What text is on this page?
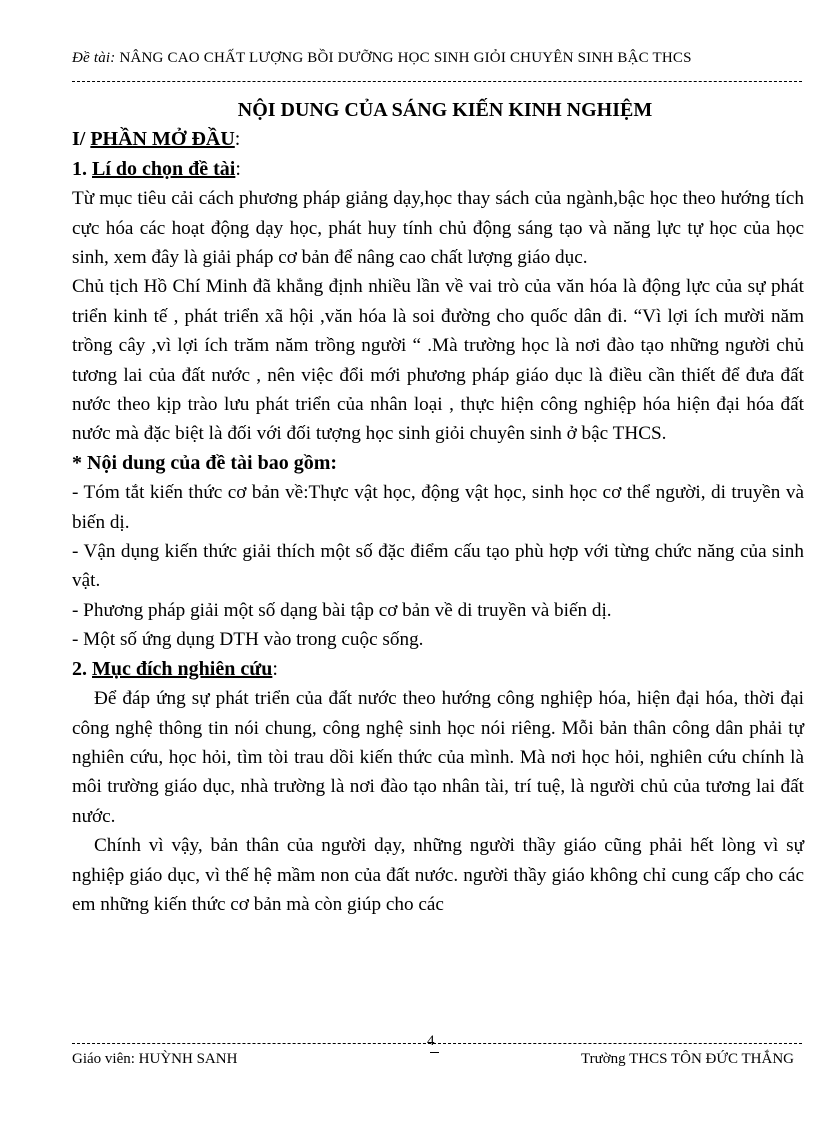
Đề tài: NÂNG CAO CHẤT LƯỢNG BỒI DƯỠNG HỌC SINH GIỎI CHUYÊN SINH BẬC THCS
NỘI DUNG CỦA SÁNG KIẾN KINH NGHIỆM
I/ PHẦN MỞ ĐẦU:
1. Lí do chọn đề tài:

Từ mục tiêu cải cách phương pháp giảng dạy,học thay sách của ngành,bậc học theo hướng tích cực hóa các hoạt động dạy học, phát huy tính chủ động sáng tạo và năng lực tự học của học sinh, xem đây là giải pháp cơ bản để nâng cao chất lượng giáo dục.

Chủ tịch Hồ Chí Minh đã khẳng định nhiều lần về vai trò của văn hóa là động lực của sự phát triển kinh tế , phát triển xã hội ,văn hóa là soi đường cho quốc dân đi. “Vì lợi ích mười năm trồng cây ,vì lợi ích trăm năm trồng người “ .Mà trường học là nơi đào tạo những người chủ tương lai của đất nước , nên việc đổi mới phương pháp giáo dục là điều cần thiết để đưa đất nước theo kịp trào lưu phát triển của nhân loại , thực hiện công nghiệp hóa hiện đại hóa đất nước mà đặc biệt là đối với đối tượng học sinh giỏi chuyên sinh ở bậc THCS.

* Nội dung của đề tài bao gồm:

- Tóm tắt kiến thức cơ bản về:Thực vật học, động vật học, sinh học cơ thể người, di truyền và biến dị.

- Vận dụng kiến thức giải thích một số đặc điểm cấu tạo phù hợp với từng chức năng của sinh vật.

- Phương pháp giải một số dạng bài tập cơ bản về di truyền và biến dị.

- Một số ứng dụng DTH vào trong cuộc sống.

2. Mục đích nghiên cứu:

Để đáp ứng sự phát triển của đất nước theo hướng công nghiệp hóa, hiện đại hóa, thời đại công nghệ thông tin nói chung, công nghệ sinh học nói riêng. Mỗi bản thân công dân phải tự nghiên cứu, học hỏi, tìm tòi trau dồi kiến thức của mình. Mà nơi học hỏi, nghiên cứu chính là môi trường giáo dục, nhà trường là nơi đào tạo nhân tài, trí tuệ, là người chủ của tương lai đất nước.

Chính vì vậy, bản thân của người dạy, những người thầy giáo cũng phải hết lòng vì sự nghiệp giáo dục, vì thế hệ mầm non của đất nước. người thầy giáo không chỉ cung cấp cho các em những kiến thức cơ bản mà còn giúp cho các

4
Giáo viên: HUỲNH SANH	Trường THCS TÔN ĐỨC THẮNG
